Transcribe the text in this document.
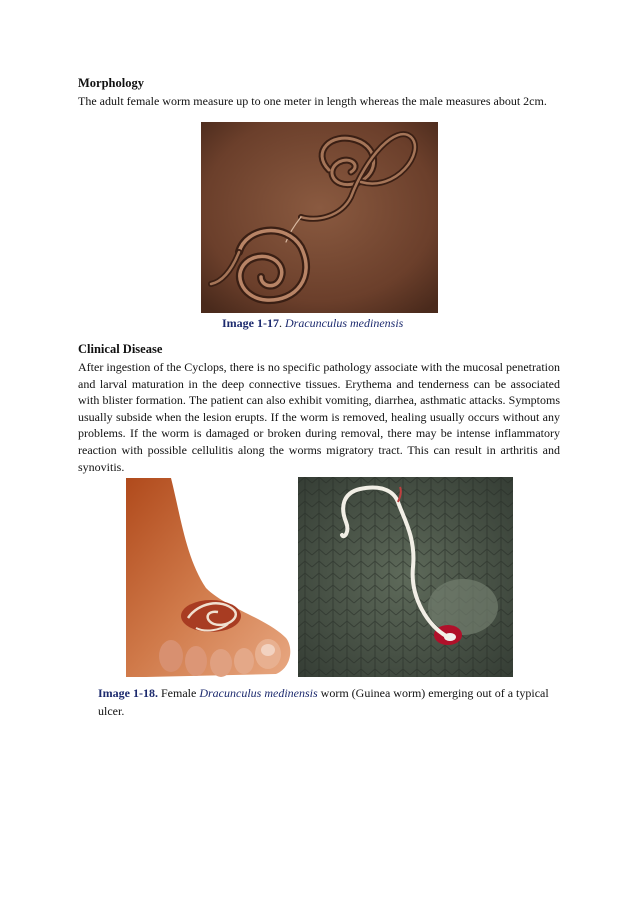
Morphology
The adult female worm measure up to one meter in length whereas the male measures about 2cm.
Image 1-17. Dracunculus medinensis
Clinical Disease
After ingestion of the Cyclops, there is no specific pathology associate with the mucosal penetration and larval maturation in the deep connective tissues. Erythema and tenderness can be associated with blister formation. The patient can also exhibit vomiting, diarrhea, asthmatic attacks. Symptoms usually subside when the lesion erupts. If the worm is removed, healing usually occurs without any problems. If the worm is damaged or broken during removal, there may be intense inflammatory reaction with possible cellulitis along the worms migratory tract. This can result in arthritis and synovitis.
Image 1-18. Female Dracunculus medinensis worm (Guinea worm) emerging out of a typical ulcer.
